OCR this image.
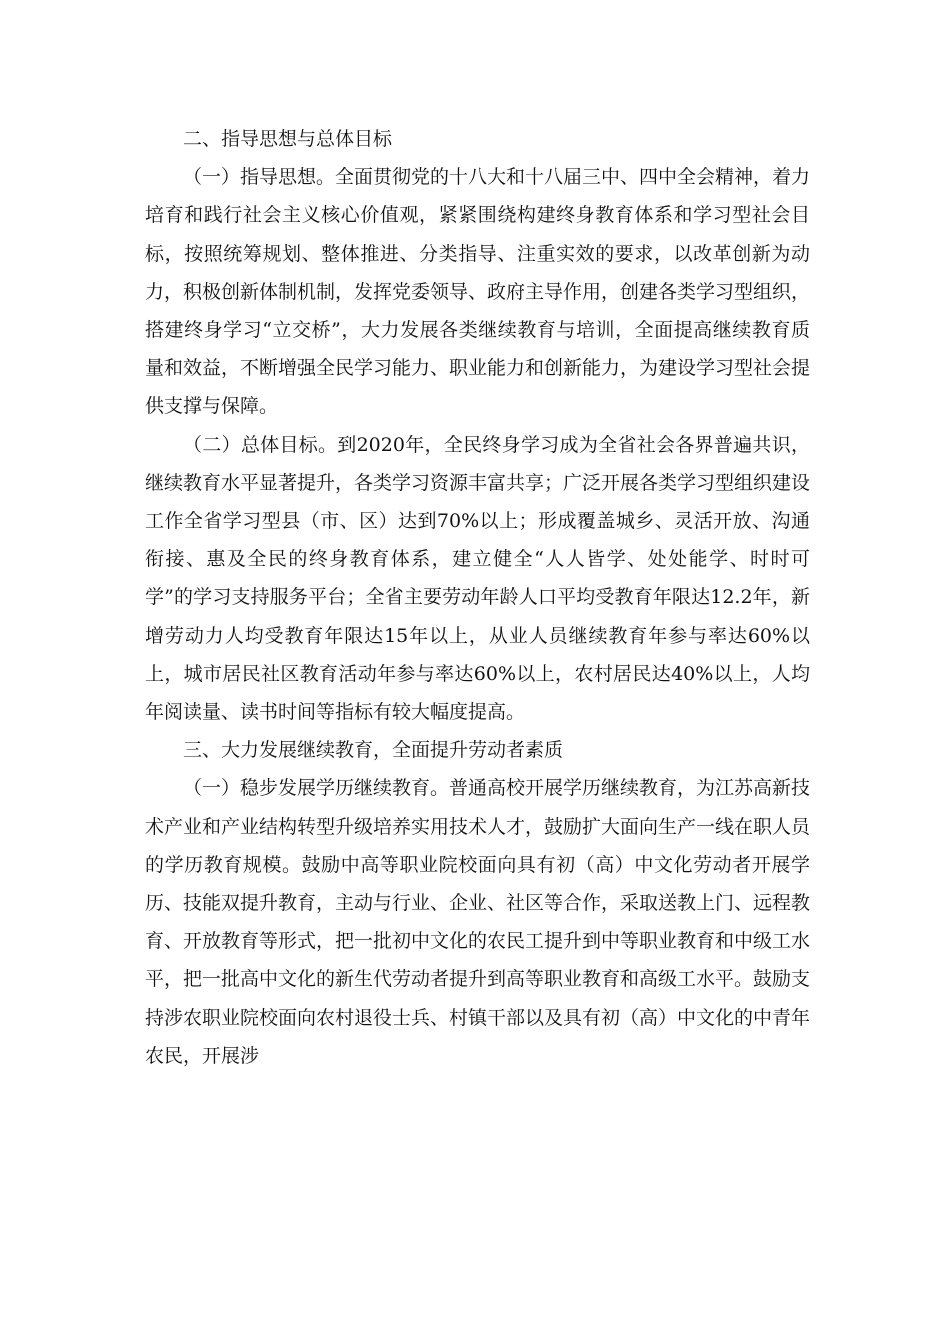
二、指导思想与总体目标

（一）指导思想。全面贯彻党的十八大和十八届三中、四中全会精神，着力培育和践行社会主义核心价值观，紧紧围绕构建终身教育体系和学习型社会目标，按照统筹规划、整体推进、分类指导、注重实效的要求，以改革创新为动力，积极创新体制机制，发挥党委领导、政府主导作用，创建各类学习型组织，搭建终身学习“立交桥”，大力发展各类继续教育与培训，全面提高继续教育质量和效益，不断增强全民学习能力、职业能力和创新能力，为建设学习型社会提供支撑与保障。

（二）总体目标。到2020年，全民终身学习成为全省社会各界普遍共识，继续教育水平显著提升，各类学习资源丰富共享；广泛开展各类学习型组织建设工作全省学习型县（市、区）达到70%以上；形成覆盖城乡、灵活开放、沟通衔接、惠及全民的终身教育体系，建立健全“人人皆学、处处能学、时时可学”的学习支持服务平台；全省主要劳动年龄人口平均受教育年限达12.2年，新增劳动力人均受教育年限达15年以上，从业人员继续教育年参与率达60%以上，城市居民社区教育活动年参与率达60%以上，农村居民达40%以上，人均年阅读量、读书时间等指标有较大幅度提高。

三、大力发展继续教育，全面提升劳动者素质

（一）稳步发展学历继续教育。普通高校开展学历继续教育，为江苏高新技术产业和产业结构转型升级培养实用技术人才，鼓励扩大面向生产一线在职人员的学历教育规模。鼓励中高等职业院校面向具有初（高）中文化劳动者开展学历、技能双提升教育，主动与行业、企业、社区等合作，采取送教上门、远程教育、开放教育等形式，把一批初中文化的农民工提升到中等职业教育和中级工水平，把一批高中文化的新生代劳动者提升到高等职业教育和高级工水平。鼓励支持涉农职业院校面向农村退役士兵、村镇干部以及具有初（高）中文化的中青年农民，开展涉
